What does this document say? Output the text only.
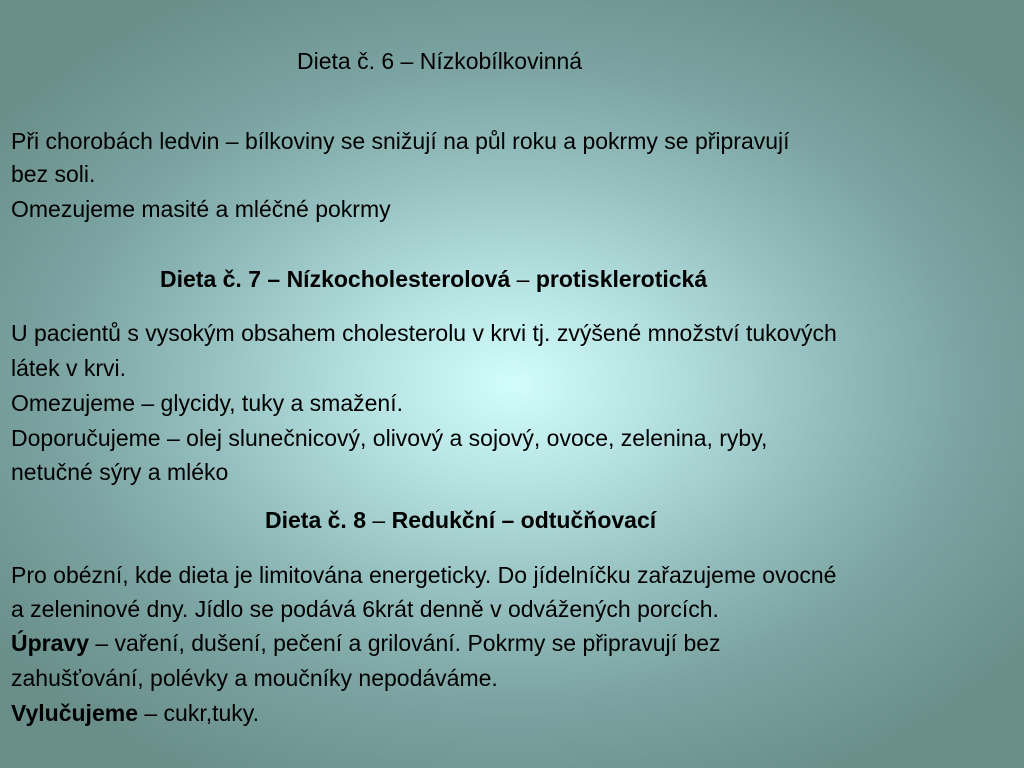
Dieta č. 6 – Nízkobílkovinná

Při chorobách ledvin – bílkoviny se snižují na půl roku a pokrmy se připravují

bez soli.

Omezujeme masité a mléčné pokrmy

Dieta č. 7 – Nízkocholesterolová – protisklerotická

U pacientů s vysokým obsahem cholesterolu v krvi tj. zvýšené množství tukových

látek v krvi.

Omezujeme – glycidy, tuky a smažení.

Doporučujeme – olej slunečnicový, olivový a sojový, ovoce, zelenina, ryby,

netučné sýry a mléko

Dieta č. 8 – Redukční – odtučňovací

Pro obézní, kde dieta je limitována energeticky. Do jídelníčku zařazujeme ovocné

a zeleninové dny. Jídlo se podává 6krát denně v odvážených porcích.

Úpravy – vaření, dušení, pečení a grilování. Pokrmy se připravují bez

zahušťování, polévky a moučníky nepodáváme.

Vylučujeme – cukr,tuky.
